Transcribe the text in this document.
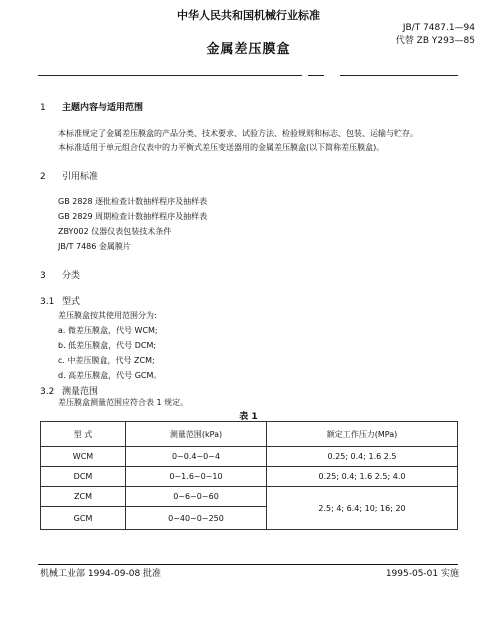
中华人民共和国机械行业标准
JB/T 7487.1—94
代替 ZB Y293—85
金属差压膜盒
1 主题内容与适用范围
本标准规定了金属差压膜盒的产品分类、技术要求、试验方法、检验规则和标志、包装、运输与贮存。
本标准适用于单元组合仪表中的力平衡式差压变送器用的金属差压膜盒(以下简称差压膜盒)。
2 引用标准
GB 2828 逐批检查计数抽样程序及抽样表
GB 2829 周期检查计数抽样程序及抽样表
ZBY002 仪器仪表包装技术条件
JB/T 7486 金属膜片
3 分类
3.1 型式
差压膜盒按其使用范围分为:
a. 微差压膜盒，代号 WCM;
b. 低差压膜盒，代号 DCM;
c. 中差压膜盒，代号 ZCM;
d. 高差压膜盒，代号 GCM。
3.2 测量范围
差压膜盒测量范围应符合表 1 规定。
表 1
型 式	测量范围(kPa)	额定工作压力(MPa)
WCM	0~0.4~0~4	0.25; 0.4; 1.6 2.5
DCM	0~1.6~0~10	0.25; 0.4; 1.6 2.5; 4.0
ZCM	0~6~0~60	2.5; 4; 6.4; 10; 16; 20
GCM	0~40~0~250	
机械工业部 1994-09-08 批准	1995-05-01 实施
